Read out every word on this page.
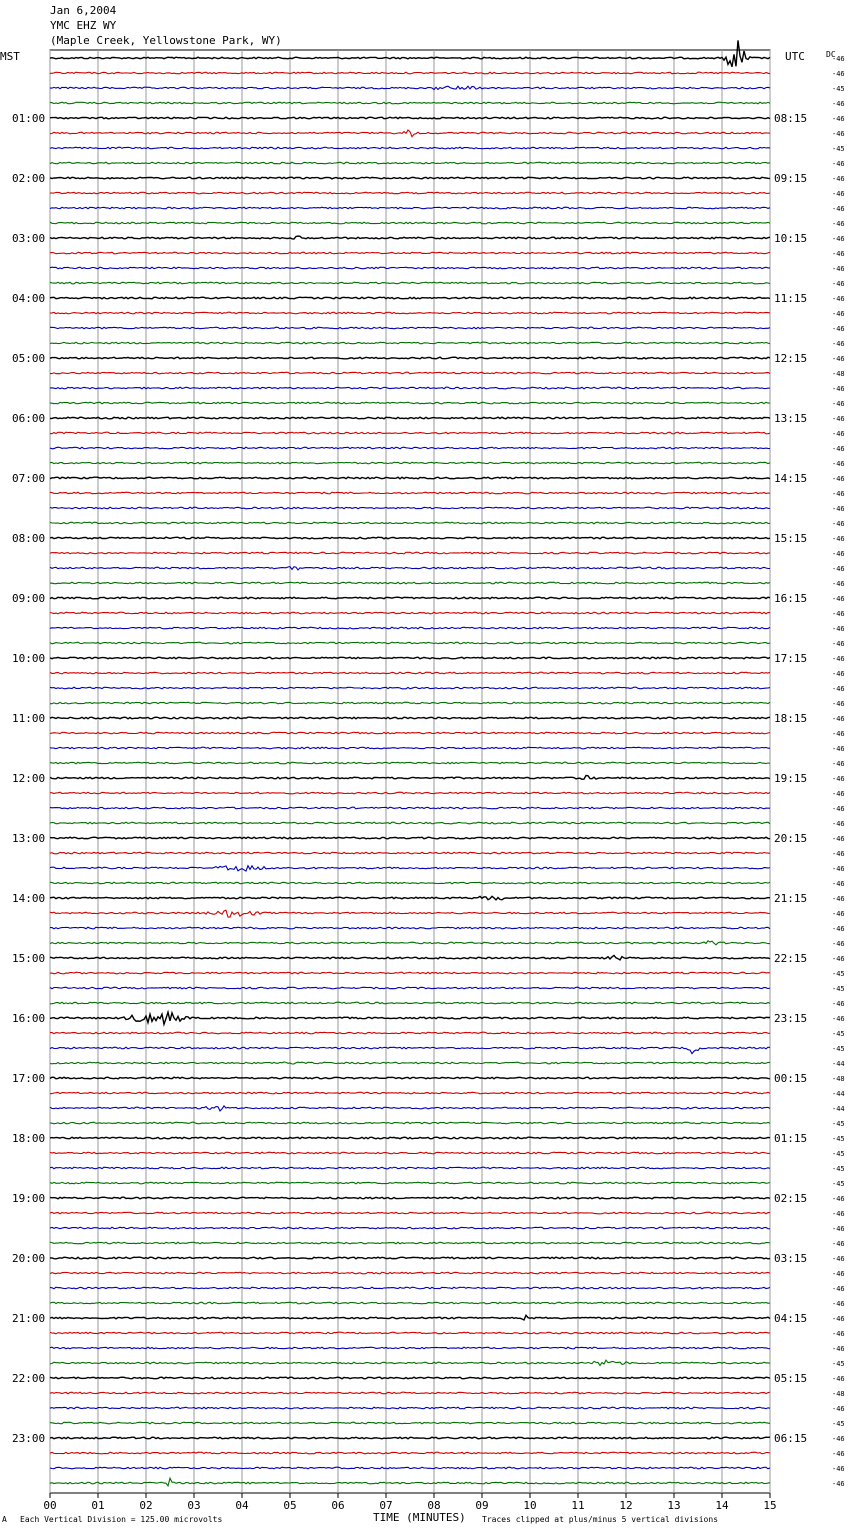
00	01	02	03	04	05	06	07	08	09	10	11	12	13	14	15
-46
-46
-45
-46
-46
01:00	08:15
-46
-45
-46
-46
02:00	09:15
-46
-46
-46
-46
03:00	10:15
-46
-46
-46
-46
04:00	11:15
-46
-46
-46
-46
05:00	12:15
-48
-46
-46
-46
06:00	13:15
-46
-46
-46
-46
07:00	14:15
-46
-46
-46
-46
08:00	15:15
-46
-46
-46
-46
09:00	16:15
-46
-46
-46
-46
10:00	17:15
-46
-46
-46
-46
11:00	18:15
-46
-46
-46
-46
12:00	19:15
-46
-46
-46
-46
13:00	20:15
-46
-46
-46
-46
14:00	21:15
-46
-46
-46
-46
15:00	22:15
-45
-45
-46
-46
16:00	23:15
-45
-45
-44
-48
17:00	00:15
-44
-44
-45
-45
18:00	01:15
-45
-45
-45
-46
19:00	02:15
-46
-46
-46
-46
20:00	03:15
-46
-46
-46
-46
21:00	04:15
-46
-46
-45
-46
22:00	05:15
-48
-46
-45
-46
23:00	06:15
-46
-46
-46
Jan 6,2004
YMC EHZ WY
(Maple Creek, Yellowstone Park, WY)
MST	UTC	DC
TIME (MINUTES)
A Each Vertical Division = 125.00 microvolts	Traces clipped at plus/minus 5 vertical divisions
